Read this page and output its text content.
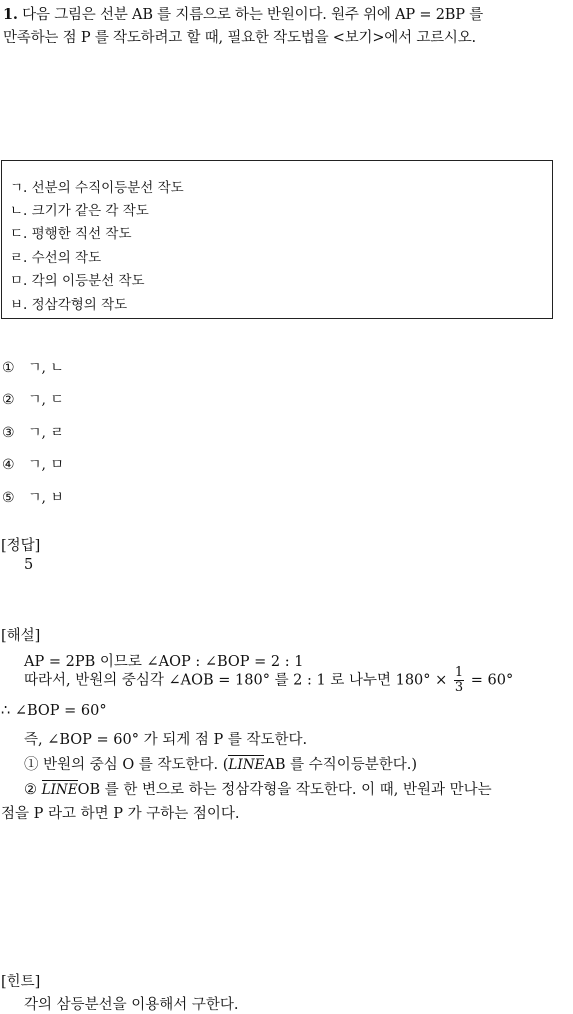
1. 다음 그림은 선분 AB 를 지름으로 하는 반원이다. 원주 위에 AP = 2BP 를
만족하는 점 P 를 작도하려고 할 때, 필요한 작도법을 <보기>에서 고르시오.
ㄱ. 선분의 수직이등분선 작도
ㄴ. 크기가 같은 각 작도
ㄷ. 평행한 직선 작도
ㄹ. 수선의 작도
ㅁ. 각의 이등분선 작도
ㅂ. 정삼각형의 작도
① ㄱ, ㄴ
② ㄱ, ㄷ
③ ㄱ, ㄹ
④ ㄱ, ㅁ
⑤ ㄱ, ㅂ
[정답]
5
[해설]
AP = 2PB 이므로 ∠AOP : ∠BOP = 2 : 1
따라서, 반원의 중심각 ∠AOB = 180° 를 2 : 1 로 나누면 $180^\circ \times \frac{1}{3} = 60^\circ$
∴ ∠BOP = 60°
즉, ∠BOP = 60° 가 되게 점 P 를 작도한다.
① 반원의 중심 O 를 작도한다. (LINEAB 를 수직이등분한다.)
② LINEOB 를 한 변으로 하는 정삼각형을 작도한다. 이 때, 반원과 만나는
점을 P 라고 하면 P 가 구하는 점이다.
[힌트]
각의 삼등분선을 이용해서 구한다.
